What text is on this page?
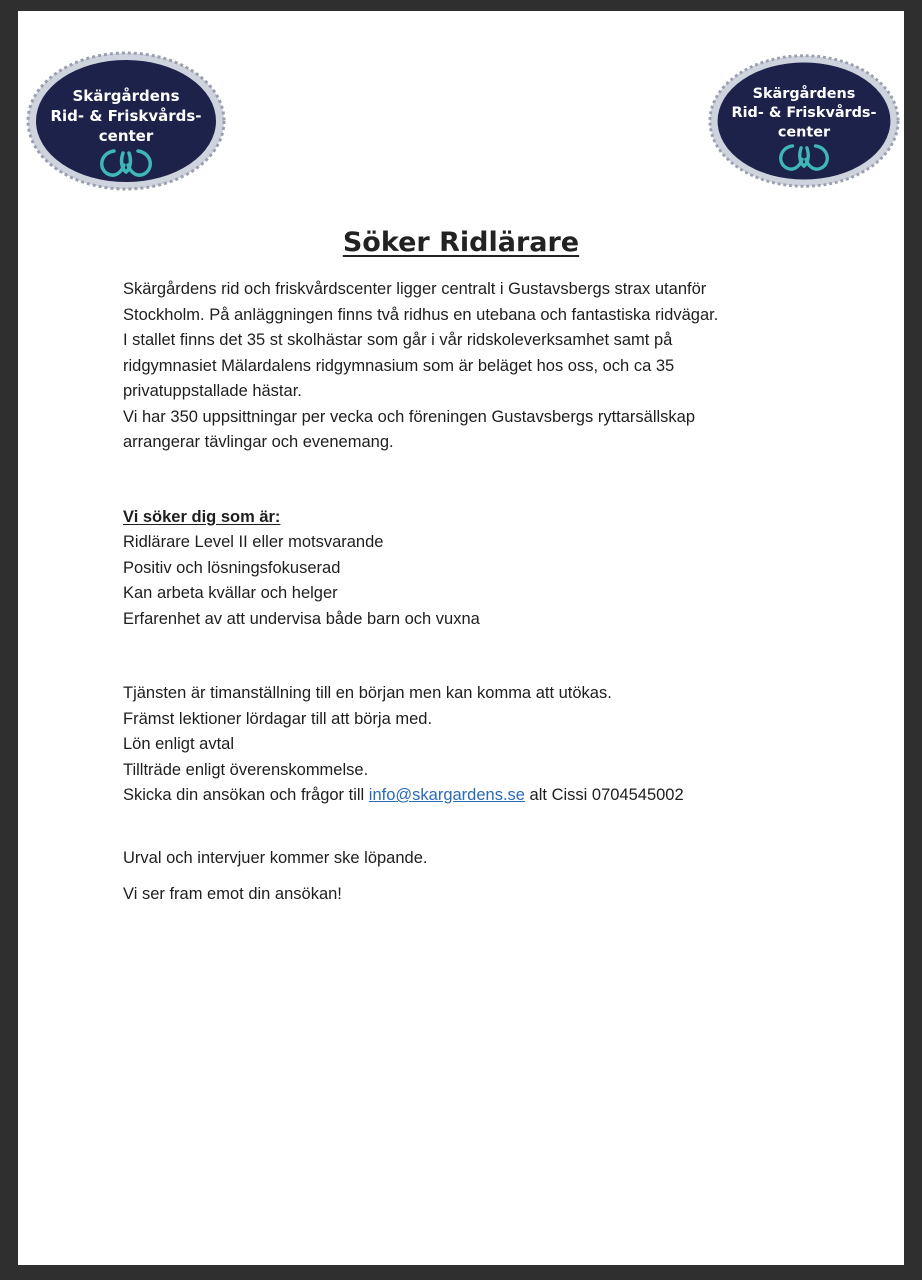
Skärgårdens
Rid- & Friskvårds-
center
Skärgårdens
Rid- & Friskvårds-
center
Söker Ridlärare
Skärgårdens rid och friskvårdscenter ligger centralt i Gustavsbergs strax utanför
Stockholm. På anläggningen finns två ridhus en utebana och fantastiska ridvägar.
I stallet finns det 35 st skolhästar som går i vår ridskoleverksamhet samt på
ridgymnasiet Mälardalens ridgymnasium som är beläget hos oss, och ca 35
privatuppstallade hästar.
Vi har 350 uppsittningar per vecka och föreningen Gustavsbergs ryttarsällskap
arrangerar tävlingar och evenemang.
Vi söker dig som är:
Ridlärare Level II eller motsvarande
Positiv och lösningsfokuserad
Kan arbeta kvällar och helger
Erfarenhet av att undervisa både barn och vuxna
Tjänsten är timanställning till en början men kan komma att utökas.
Främst lektioner lördagar till att börja med.
Lön enligt avtal
Tillträde enligt överenskommelse.
Skicka din ansökan och frågor till info@skargardens.se alt Cissi 0704545002
Urval och intervjuer kommer ske löpande.
Vi ser fram emot din ansökan!
